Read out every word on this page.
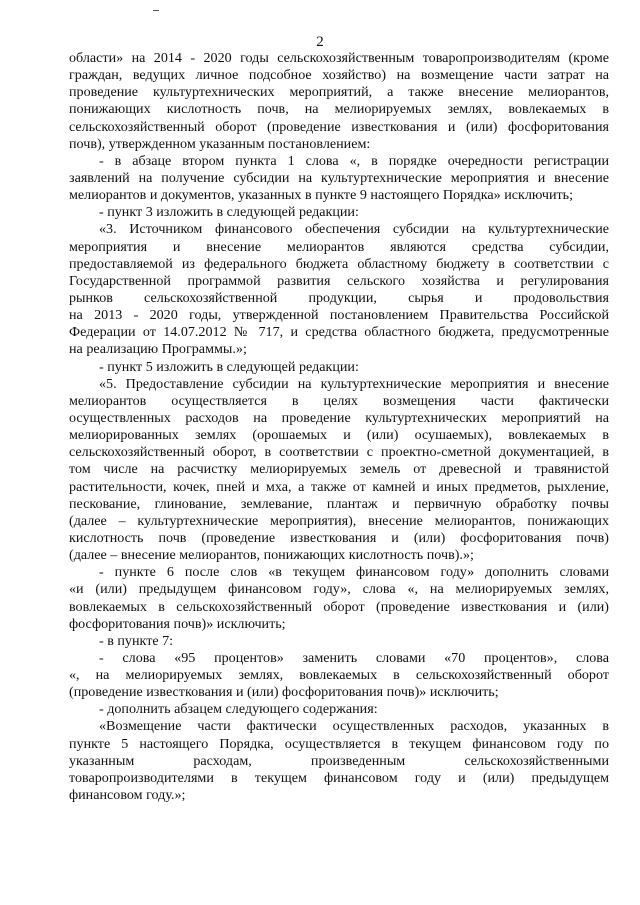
2
области» на 2014 - 2020 годы сельскохозяйственным товаропроизводителям (кроме
граждан, ведущих личное подсобное хозяйство) на возмещение части затрат на
проведение культуртехнических мероприятий, а также внесение мелиорантов,
понижающих кислотность почв, на мелиорируемых землях, вовлекаемых в
сельскохозяйственный оборот (проведение известкования и (или) фосфоритования
почв), утвержденном указанным постановлением:
- в абзаце втором пункта 1 слова «, в порядке очередности регистрации
заявлений на получение субсидии на культуртехнические мероприятия и внесение
мелиорантов и документов, указанных в пункте 9 настоящего Порядка» исключить;
- пункт 3 изложить в следующей редакции:
«3. Источником финансового обеспечения субсидии на культуртехнические
мероприятия и внесение мелиорантов являются средства субсидии,
предоставляемой из федерального бюджета областному бюджету в соответствии с
Государственной программой развития сельского хозяйства и регулирования
рынков сельскохозяйственной продукции, сырья и продовольствия
на 2013 - 2020 годы, утвержденной постановлением Правительства Российской
Федерации от 14.07.2012 № 717, и средства областного бюджета, предусмотренные
на реализацию Программы.»;
- пункт 5 изложить в следующей редакции:
«5. Предоставление субсидии на культуртехнические мероприятия и внесение
мелиорантов осуществляется в целях возмещения части фактически
осуществленных расходов на проведение культуртехнических мероприятий на
мелиорированных землях (орошаемых и (или) осушаемых), вовлекаемых в
сельскохозяйственный оборот, в соответствии с проектно-сметной документацией, в
том числе на расчистку мелиорируемых земель от древесной и травянистой
растительности, кочек, пней и мха, а также от камней и иных предметов, рыхление,
пескование, глинование, землевание, плантаж и первичную обработку почвы
(далее – культуртехнические мероприятия), внесение мелиорантов, понижающих
кислотность почв (проведение известкования и (или) фосфоритования почв)
(далее – внесение мелиорантов, понижающих кислотность почв).»;
- пункте 6 после слов «в текущем финансовом году» дополнить словами
«и (или) предыдущем финансовом году», слова «, на мелиорируемых землях,
вовлекаемых в сельскохозяйственный оборот (проведение известкования и (или)
фосфоритования почв)» исключить;
- в пункте 7:
- слова «95 процентов» заменить словами «70 процентов», слова
«, на мелиорируемых землях, вовлекаемых в сельскохозяйственный оборот
(проведение известкования и (или) фосфоритования почв)» исключить;
- дополнить абзацем следующего содержания:
«Возмещение части фактически осуществленных расходов, указанных в
пункте 5 настоящего Порядка, осуществляется в текущем финансовом году по
указанным расходам, произведенным сельскохозяйственными
товаропроизводителями в текущем финансовом году и (или) предыдущем
финансовом году.»;
